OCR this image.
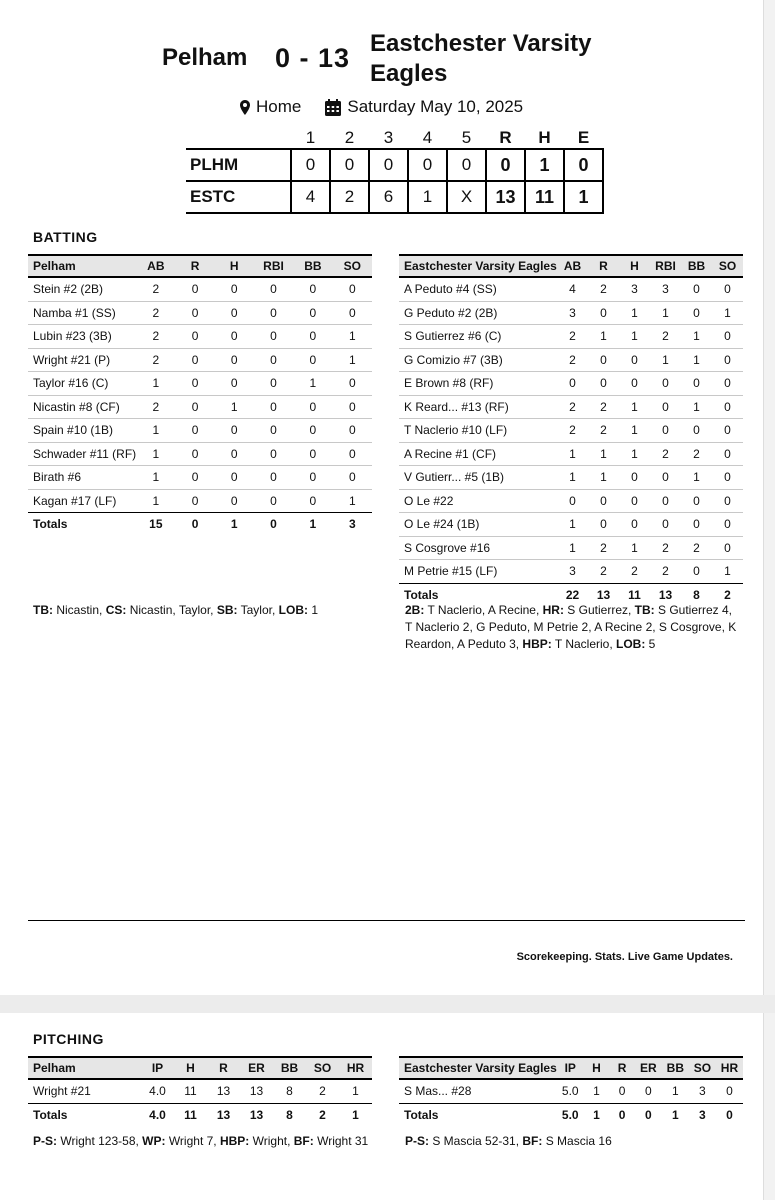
Pelham 0 - 13 Eastchester Varsity
Eagles
Home	Saturday May 10, 2025
	1	2	3	4	5	R	H	E
PLHM	0	0	0	0	0	0	1	0
ESTC	4	2	6	1	X	13	11	1
BATTING
Pelham	AB	R	H	RBI	BB	SO
Stein #2 (2B)	2	0	0	0	0	0
Namba #1 (SS)	2	0	0	0	0	0
Lubin #23 (3B)	2	0	0	0	0	1
Wright #21 (P)	2	0	0	0	0	1
Taylor #16 (C)	1	0	0	0	1	0
Nicastin #8 (CF)	2	0	1	0	0	0
Spain #10 (1B)	1	0	0	0	0	0
Schwader #11 (RF)	1	0	0	0	0	0
Birath #6	1	0	0	0	0	0
Kagan #17 (LF)	1	0	0	0	0	1
Totals	15	0	1	0	1	3
Eastchester Varsity Eagles	AB	R	H	RBI	BB	SO
A Peduto #4 (SS)	4	2	3	3	0	0
G Peduto #2 (2B)	3	0	1	1	0	1
S Gutierrez #6 (C)	2	1	1	2	1	0
G Comizio #7 (3B)	2	0	0	1	1	0
E Brown #8 (RF)	0	0	0	0	0	0
K Reard... #13 (RF)	2	2	1	0	1	0
T Naclerio #10 (LF)	2	2	1	0	0	0
A Recine #1 (CF)	1	1	1	2	2	0
V Gutierr... #5 (1B)	1	1	0	0	1	0
O Le #22	0	0	0	0	0	0
O Le #24 (1B)	1	0	0	0	0	0
S Cosgrove #16	1	2	1	2	2	0
M Petrie #15 (LF)	3	2	2	2	0	1
Totals	22	13	11	13	8	2
TB: Nicastin, CS: Nicastin, Taylor, SB: Taylor, LOB: 1	2B: T Naclerio, A Recine, HR: S Gutierrez, TB: S Gutierrez 4, T Naclerio 2, G Peduto, M Petrie 2, A Recine 2, S Cosgrove, K Reardon, A Peduto 3, HBP: T Naclerio, LOB: 5
Scorekeeping. Stats. Live Game Updates.
PITCHING
Pelham	IP	H	R	ER	BB	SO	HR
Wright #21	4.0	11	13	13	8	2	1
Totals	4.0	11	13	13	8	2	1
Eastchester Varsity Eagles	IP	H	R	ER	BB	SO	HR
S Mas... #28	5.0	1	0	0	1	3	0
Totals	5.0	1	0	0	1	3	0
P-S: Wright 123-58, WP: Wright 7, HBP: Wright, BF: Wright 31	P-S: S Mascia 52-31, BF: S Mascia 16
